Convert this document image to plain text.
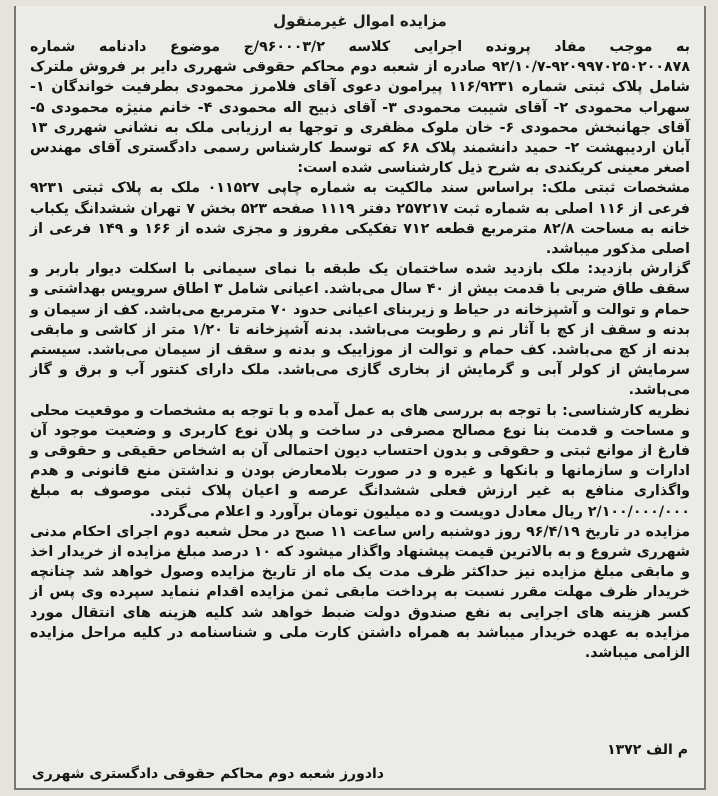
مزایده اموال غیرمنقول

به موجب مفاد پرونده اجرایی کلاسه ۹۶۰۰۰۳/۲/ج موضوع دادنامه شماره ۹۲۰۹۹۷۰۲۵۰۲۰۰۸۷۸-۹۲/۱۰/۷ صادره از شعبه دوم محاکم حقوقی شهرری دایر بر فروش ملترک شامل پلاک ثبتی شماره ۱۱۶/۹۲۳۱ پیرامون دعوی آقای فلامرز محمودی بطرفیت خواندگان ۱- سهراب محمودی ۲- آقای شیبت محمودی ۳- آقای ذبیح اله محمودی ۴- خانم منیژه محمودی ۵- آقای جهانبخش محمودی ۶- خان ملوک مظفری و توجها به ارزیابی ملک به نشانی شهرری ۱۳ آبان اردیبهشت ۲- حمید دانشمند پلاک ۶۸ که توسط کارشناس رسمی دادگستری آقای مهندس اصغر معینی کریکندی به شرح ذیل کارشناسی شده است:

مشخصات ثبتی ملک: براساس سند مالکیت به شماره چاپی ۰۱۱۵۲۷ ملک به پلاک ثبتی ۹۲۳۱ فرعی از ۱۱۶ اصلی به شماره ثبت ۲۵۷۲۱۷ دفتر ۱۱۱۹ صفحه ۵۲۳ بخش ۷ تهران ششدانگ یکباب خانه به مساحت ۸۲/۸ مترمربع قطعه ۷۱۲ تفکیکی مفروز و مجزی شده از ۱۶۶ و ۱۴۹ فرعی از اصلی مذکور میباشد.

گزارش بازدید: ملک بازدید شده ساختمان یک طبقه با نمای سیمانی با اسکلت دیوار باربر و سقف طاق ضربی با قدمت بیش از ۴۰ سال می‌باشد. اعیانی شامل ۳ اطاق سرویس بهداشتی و حمام و توالت و آشپزخانه در حیاط و زیربنای اعیانی حدود ۷۰ مترمربع می‌باشد. کف از سیمان و بدنه و سقف از کچ با آثار نم و رطوبت می‌باشد. بدنه آشپزخانه تا ۱/۲۰ متر از کاشی و مابقی بدنه از کچ می‌باشد. کف حمام و توالت از موزاییک و بدنه و سقف از سیمان می‌باشد. سیستم سرمایش از کولر آبی و گرمایش از بخاری گازی می‌باشد. ملک دارای کنتور آب و برق و گاز می‌باشد.

نظریه کارشناسی: با توجه به بررسی های به عمل آمده و با توجه به مشخصات و موقعیت محلی و مساحت و قدمت بنا نوع مصالح مصرفی در ساخت و پلان نوع کاربری و وضعیت موجود آن فارغ از موانع ثبتی و حقوقی و بدون احتساب دیون احتمالی آن به اشخاص حقیقی و حقوقی و ادارات و سازمانها و بانکها و غیره و در صورت بلامعارض بودن و نداشتن منع قانونی و هدم واگذاری منافع به غیر ارزش فعلی ششدانگ عرصه و اعیان پلاک ثبتی موصوف به مبلغ ۲/۱۰۰/۰۰۰/۰۰۰ ریال معادل دویست و ده میلیون تومان برآورد و اعلام می‌گردد.

مزایده در تاریخ ۹۶/۴/۱۹ روز دوشنبه راس ساعت ۱۱ صبح در محل شعبه دوم اجرای احکام مدنی شهرری شروع و به بالاترین قیمت پیشنهاد واگذار میشود که ۱۰ درصد مبلغ مزایده از خریدار اخذ و مابقی مبلغ مزایده نیز حداکثر ظرف مدت یک ماه از تاریخ مزایده وصول خواهد شد چنانچه خریدار ظرف مهلت مقرر نسبت به پرداخت مابقی ثمن مزایده اقدام ننماید سپرده وی پس از کسر هزینه های اجرایی به نفع صندوق دولت ضبط خواهد شد کلیه هزینه های انتقال مورد مزایده به عهده خریدار میباشد به همراه داشتن کارت ملی و شناسنامه در کلیه مراحل مزایده الزامی میباشد.

م الف ۱۳۷۲
دادورز شعبه دوم محاکم حقوقی دادگستری شهرری
